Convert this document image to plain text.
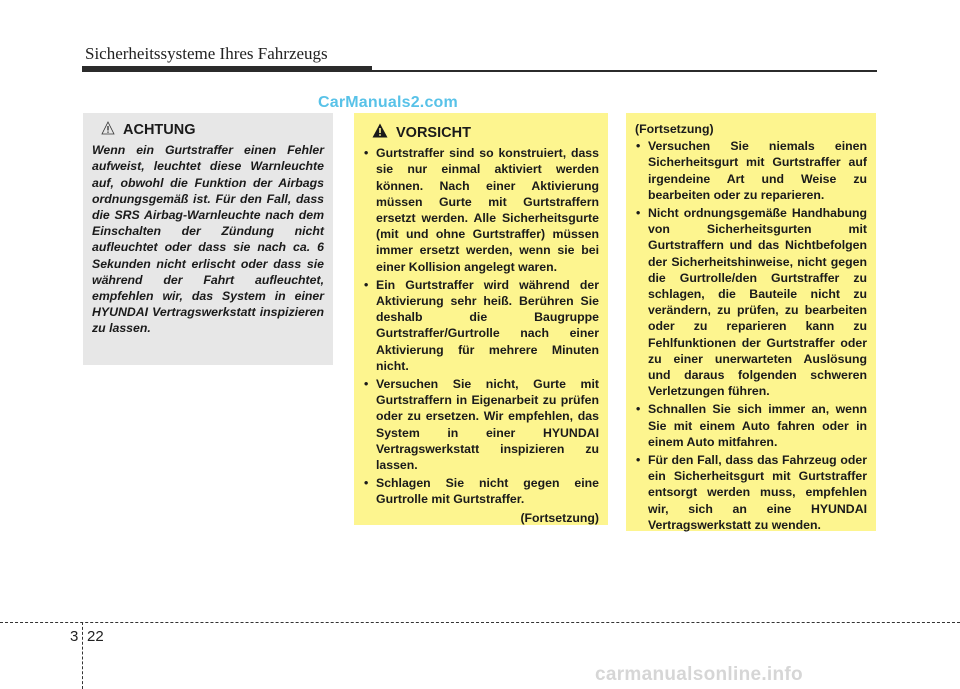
Sicherheitssysteme Ihres Fahrzeugs
CarManuals2.com
ACHTUNG
Wenn ein Gurtstraffer einen Fehler aufweist, leuchtet diese Warnleuchte auf, obwohl die Funktion der Airbags ordnungsgemäß ist. Für den Fall, dass die SRS Airbag-Warnleuchte nach dem Einschalten der Zündung nicht aufleuchtet oder dass sie nach ca. 6 Sekunden nicht erlischt oder dass sie während der Fahrt aufleuchtet, empfehlen wir, das System in einer HYUNDAI Vertragswerkstatt inspizieren zu lassen.
VORSICHT
• Gurtstraffer sind so konstruiert, dass sie nur einmal aktiviert werden können. Nach einer Aktivierung müssen Gurte mit Gurtstraffern ersetzt werden. Alle Sicherheitsgurte (mit und ohne Gurtstraffer) müssen immer ersetzt werden, wenn sie bei einer Kollision angelegt waren.
• Ein Gurtstraffer wird während der Aktivierung sehr heiß. Berühren Sie deshalb die Baugruppe Gurtstraffer/Gurtrolle nach einer Aktivierung für mehrere Minuten nicht.
• Versuchen Sie nicht, Gurte mit Gurtstraffern in Eigenarbeit zu prüfen oder zu ersetzen. Wir empfehlen, das System in einer HYUNDAI Vertragswerkstatt inspizieren zu lassen.
• Schlagen Sie nicht gegen eine Gurtrolle mit Gurtstraffer.
(Fortsetzung)
(Fortsetzung)
• Versuchen Sie niemals einen Sicherheitsgurt mit Gurtstraffer auf irgendeine Art und Weise zu bearbeiten oder zu reparieren.
• Nicht ordnungsgemäße Handhabung von Sicherheitsgurten mit Gurtstraffern und das Nichtbefolgen der Sicherheitshinweise, nicht gegen die Gurtrolle/den Gurtstraffer zu schlagen, die Bauteile nicht zu verändern, zu prüfen, zu bearbeiten oder zu reparieren kann zu Fehlfunktionen der Gurtstraffer oder zu einer unerwarteten Auslösung und daraus folgenden schweren Verletzungen führen.
• Schnallen Sie sich immer an, wenn Sie mit einem Auto fahren oder in einem Auto mitfahren.
• Für den Fall, dass das Fahrzeug oder ein Sicherheitsgurt mit Gurtstraffer entsorgt werden muss, empfehlen wir, sich an eine HYUNDAI Vertragswerkstatt zu wenden.
3 22
carmanualsonline.info
